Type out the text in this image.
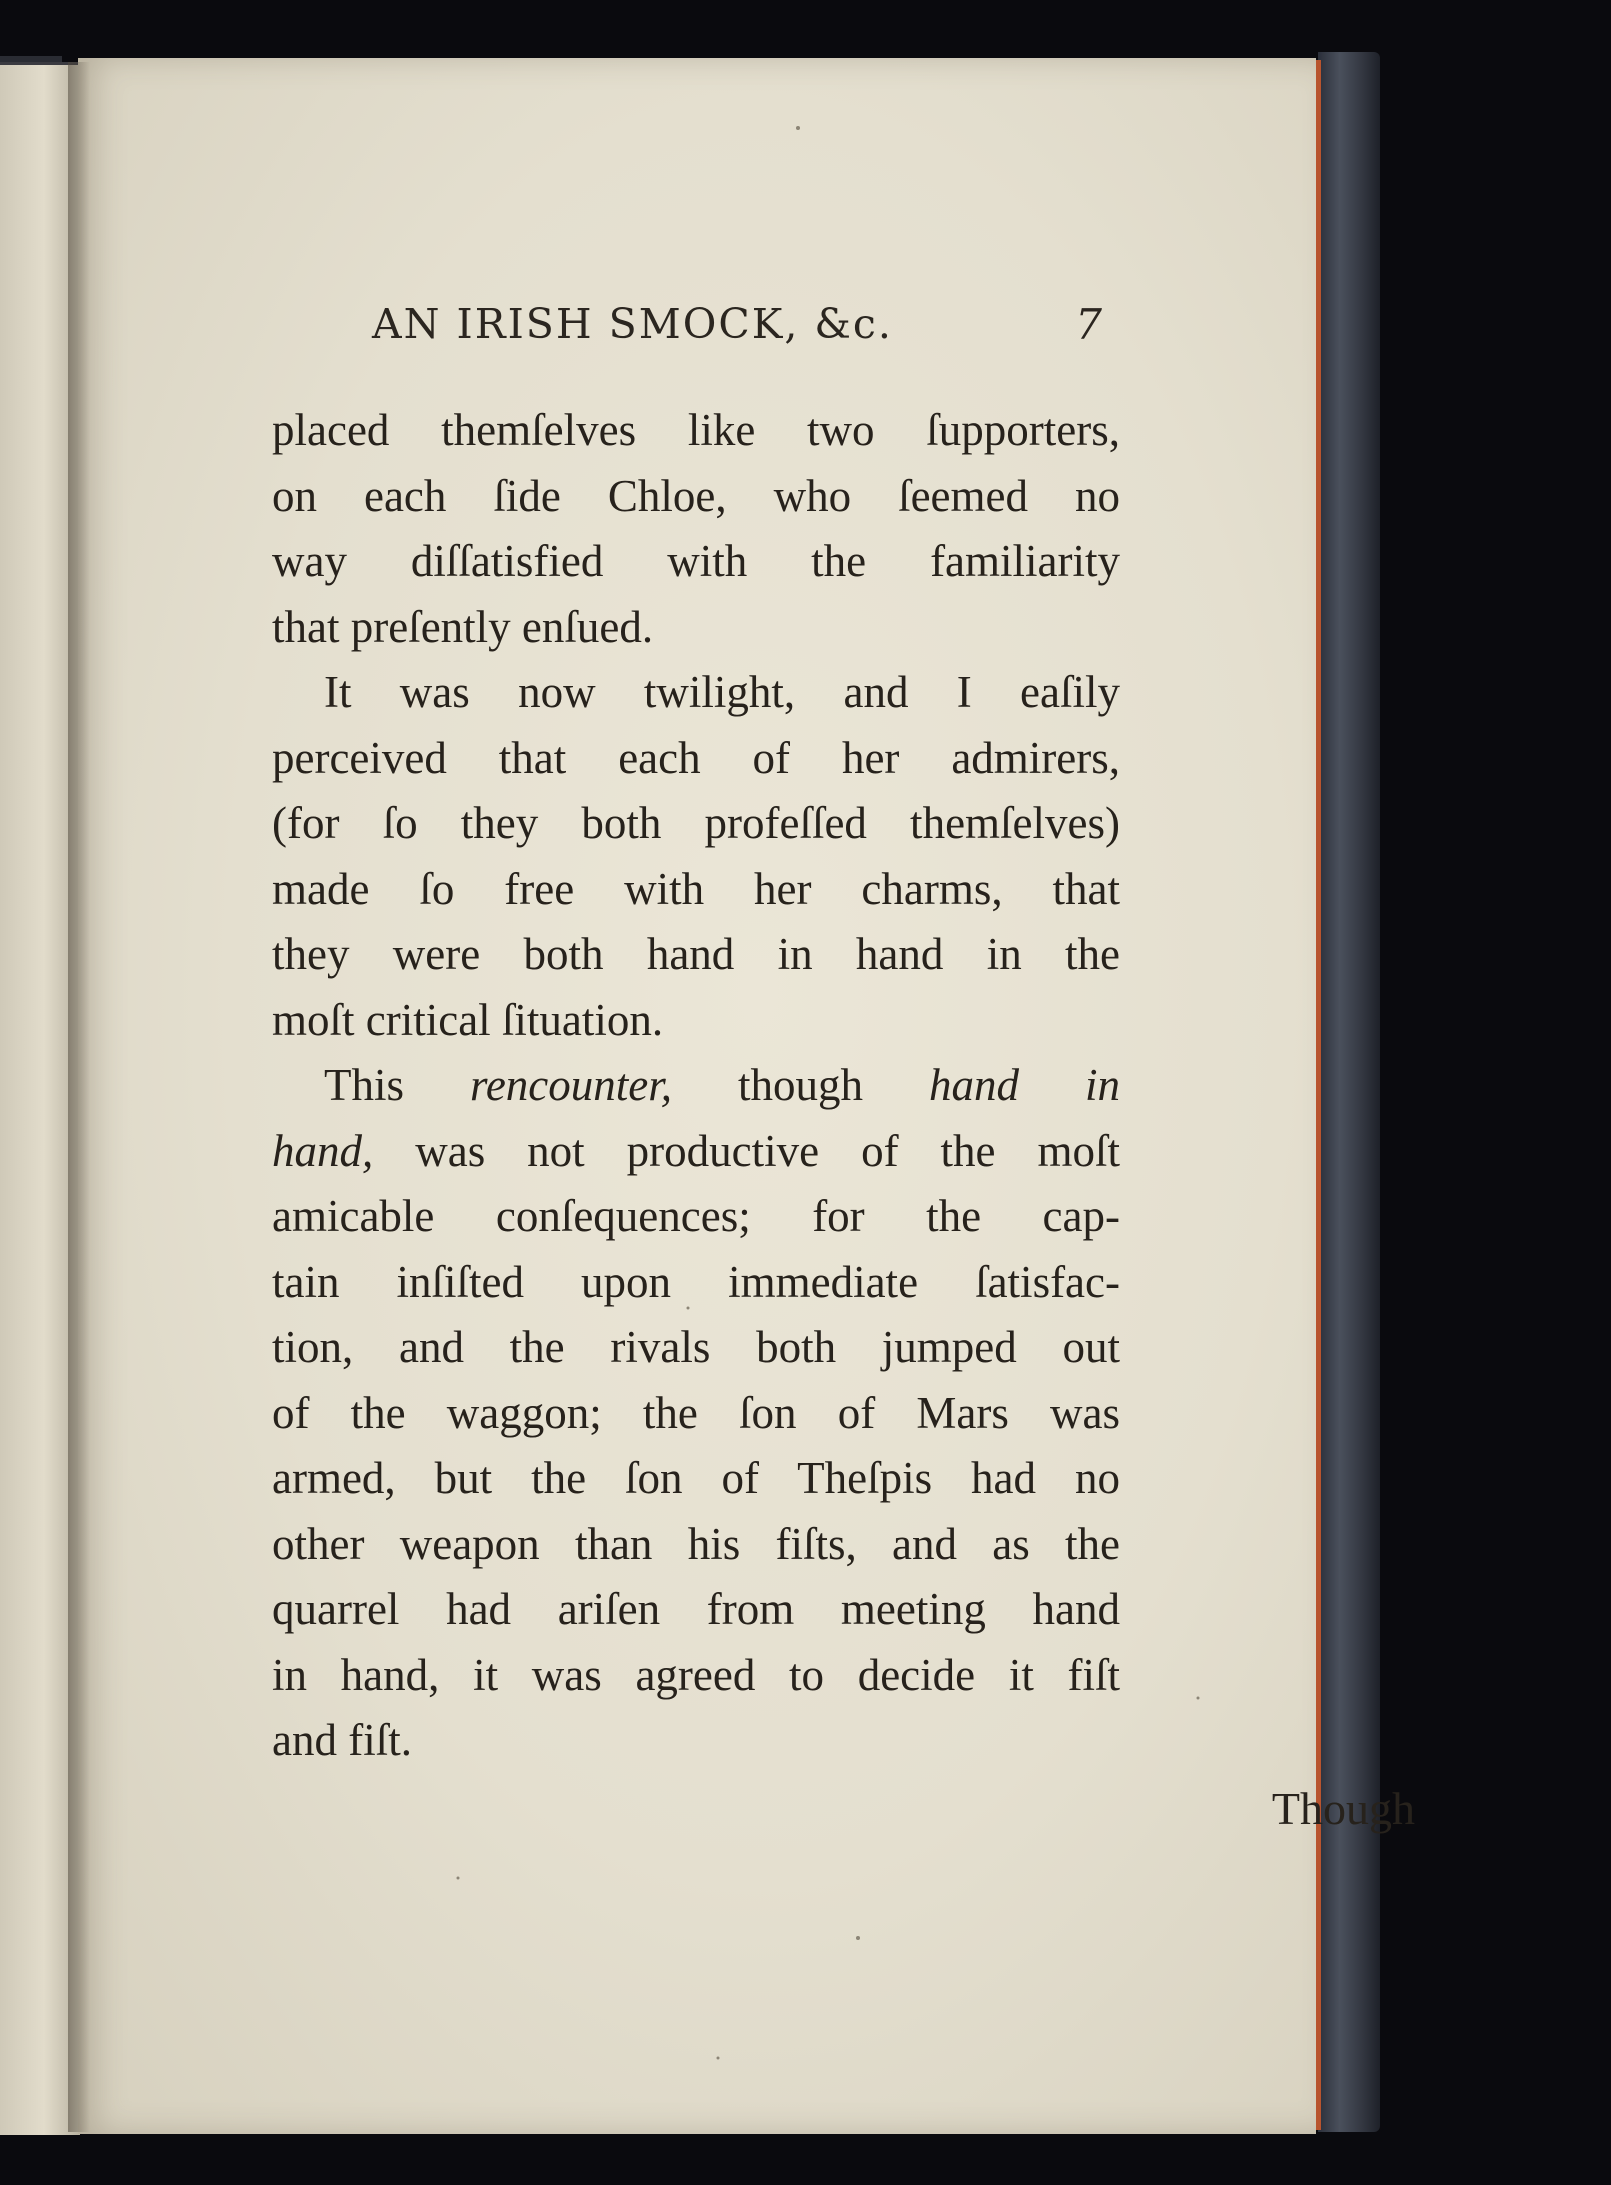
AN IRISH SMOCK, &c.	7
placed themſelves like two ſupporters,
on each ſide Chloe, who ſeemed no
way diſſatisfied with the familiarity
that preſently enſued.
It was now twilight, and I eaſily
perceived that each of her admirers,
(for ſo they both profeſſed themſelves)
made ſo free with her charms, that
they were both hand in hand in the
moſt critical ſituation.
This rencounter, though hand in
hand, was not productive of the moſt
amicable conſequences; for the cap-
tain inſiſted upon immediate ſatisfac-
tion, and the rivals both jumped out
of the waggon; the ſon of Mars was
armed, but the ſon of Theſpis had no
other weapon than his fiſts, and as the
quarrel had ariſen from meeting hand
in hand, it was agreed to decide it fiſt
and fiſt.
Though
